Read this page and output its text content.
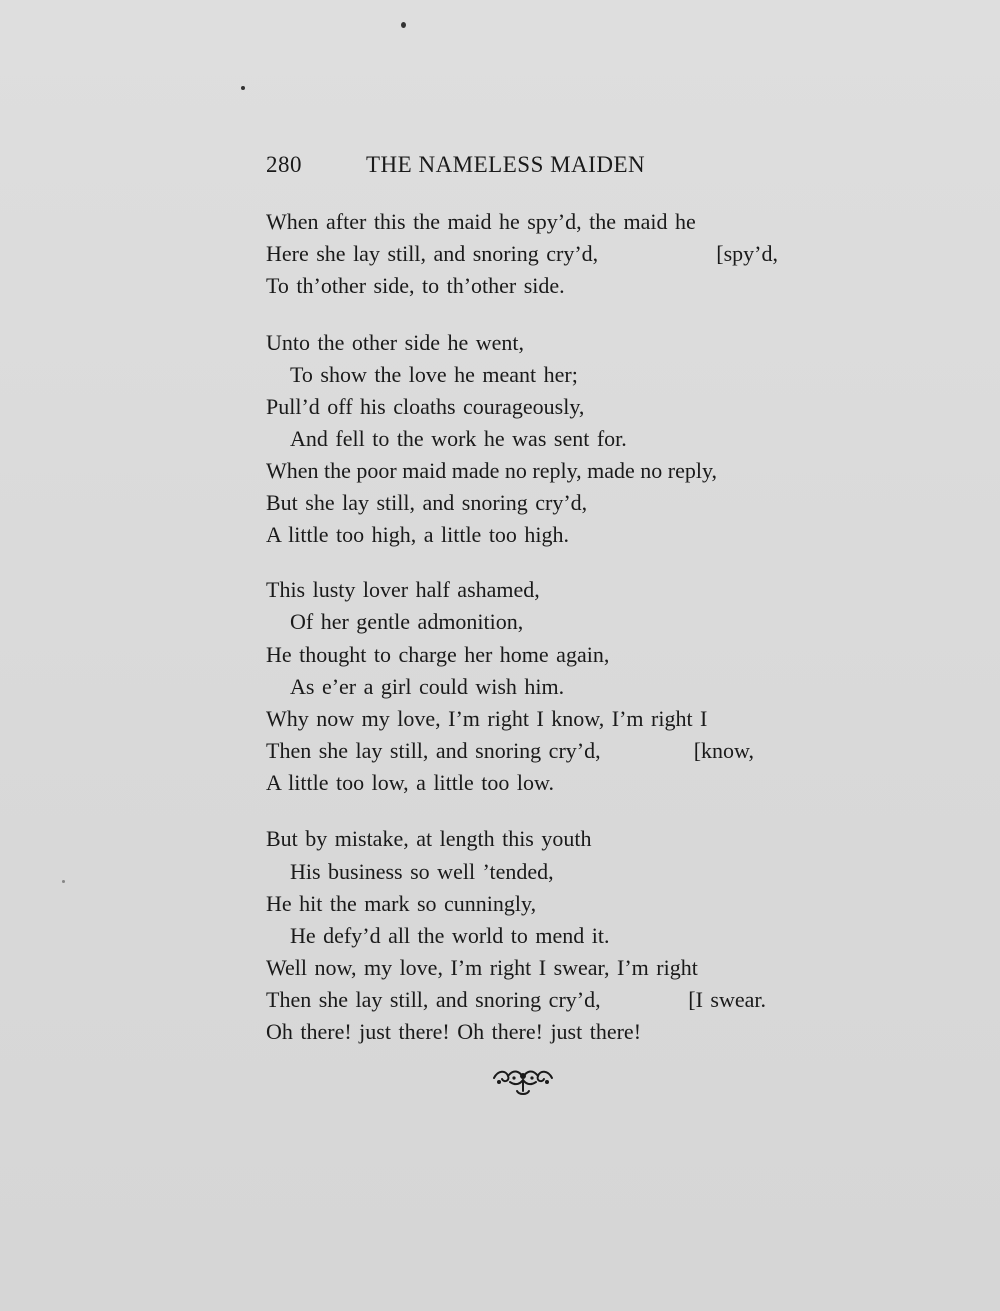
280	THE NAMELESS MAIDEN
When after this the maid he spy’d, the maid he
Here she lay still, and snoring cry’d,	[spy’d,
To th’other side, to th’other side.
Unto the other side he went,
To show the love he meant her;
Pull’d off his cloaths courageously,
And fell to the work he was sent for.
When the poor maid made no reply, made no reply,
But she lay still, and snoring cry’d,
A little too high, a little too high.
This lusty lover half ashamed,
Of her gentle admonition,
He thought to charge her home again,
As e’er a girl could wish him.
Why now my love, I’m right I know, I’m right I
Then she lay still, and snoring cry’d,	[know,
A little too low, a little too low.
But by mistake, at length this youth
His business so well ’tended,
He hit the mark so cunningly,
He defy’d all the world to mend it.
Well now, my love, I’m right I swear, I’m right
Then she lay still, and snoring cry’d,	[I swear.
Oh there! just there! Oh there! just there!
